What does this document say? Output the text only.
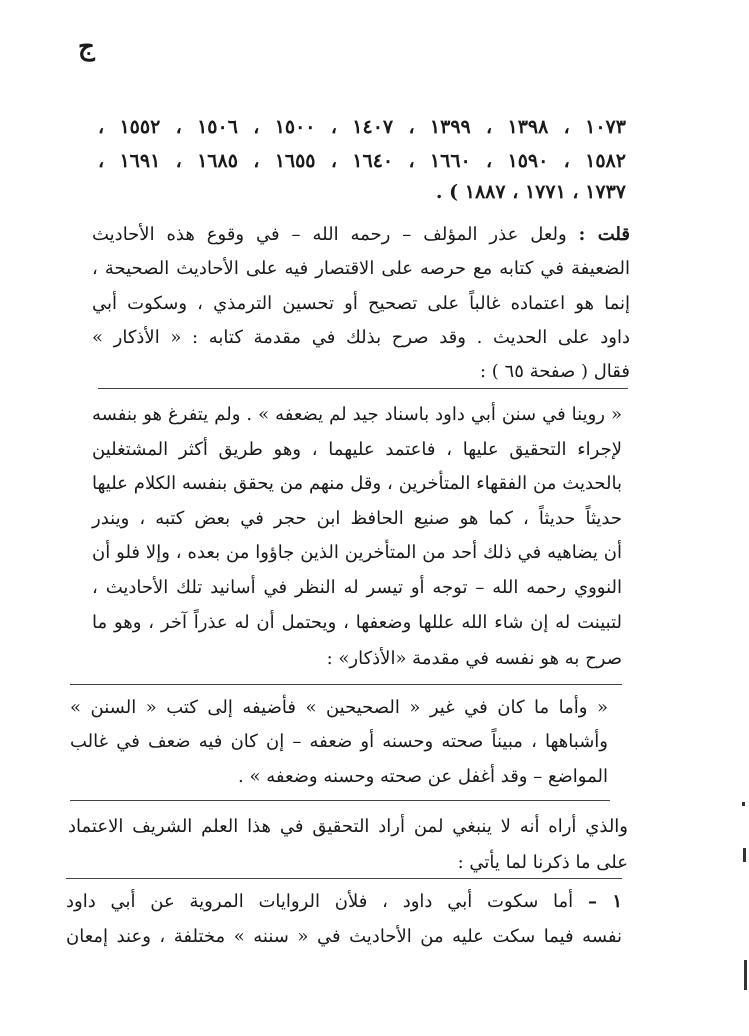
ج
١٠٧٣ ، ١٣٩٨ ، ١٣٩٩ ، ١٤٠٧ ، ١٥٠٠ ، ١٥٠٦ ، ١٥٥٢ ،
١٥٨٢ ، ١٥٩٠ ، ١٦٦٠ ، ١٦٤٠ ، ١٦٥٥ ، ١٦٨٥ ، ١٦٩١ ،
١٧٣٧ ، ١٧٧١ ، ١٨٨٧ ) .
قلت : ولعل عذر المؤلف – رحمه الله – في وقوع هذه الأحاديث
الضعيفة في كتابه مع حرصه على الاقتصار فيه على الأحاديث الصحيحة ،
إنما هو اعتماده غالباً على تصحيح أو تحسين الترمذي ، وسكوت أبي
داود على الحديث . وقد صرح بذلك في مقدمة كتابه : « الأذكار »
فقال ( صفحة ٦٥ ) :
« روينا في سنن أبي داود باسناد جيد لم يضعفه » . ولم يتفرغ هو بنفسه
لإجراء التحقيق عليها ، فاعتمد عليهما ، وهو طريق أكثر المشتغلين
بالحديث من الفقهاء المتأخرين ، وقل منهم من يحقق بنفسه الكلام عليها
حديثاً حديثاً ، كما هو صنيع الحافظ ابن حجر في بعض كتبه ، ويندر
أن يضاهيه في ذلك أحد من المتأخرين الذين جاؤوا من بعده ، وإلا فلو أن
النووي رحمه الله – توجه أو تيسر له النظر في أسانيد تلك الأحاديث ،
لتبينت له إن شاء الله عللها وضعفها ، ويحتمل أن له عذراً آخر ، وهو ما
صرح به هو نفسه في مقدمة «الأذكار» :
« وأما ما كان في غير « الصحيحين » فأضيفه إلى كتب « السنن »
وأشباهها ، مبيناً صحته وحسنه أو ضعفه – إن كان فيه ضعف في غالب
المواضع – وقد أغفل عن صحته وحسنه وضعفه » .
والذي أراه أنه لا ينبغي لمن أراد التحقيق في هذا العلم الشريف الاعتماد
على ما ذكرنا لما يأتي :
١ – أما سكوت أبي داود ، فلأن الروايات المروية عن أبي داود
نفسه فيما سكت عليه من الأحاديث في « سننه » مختلفة ، وعند إمعان
